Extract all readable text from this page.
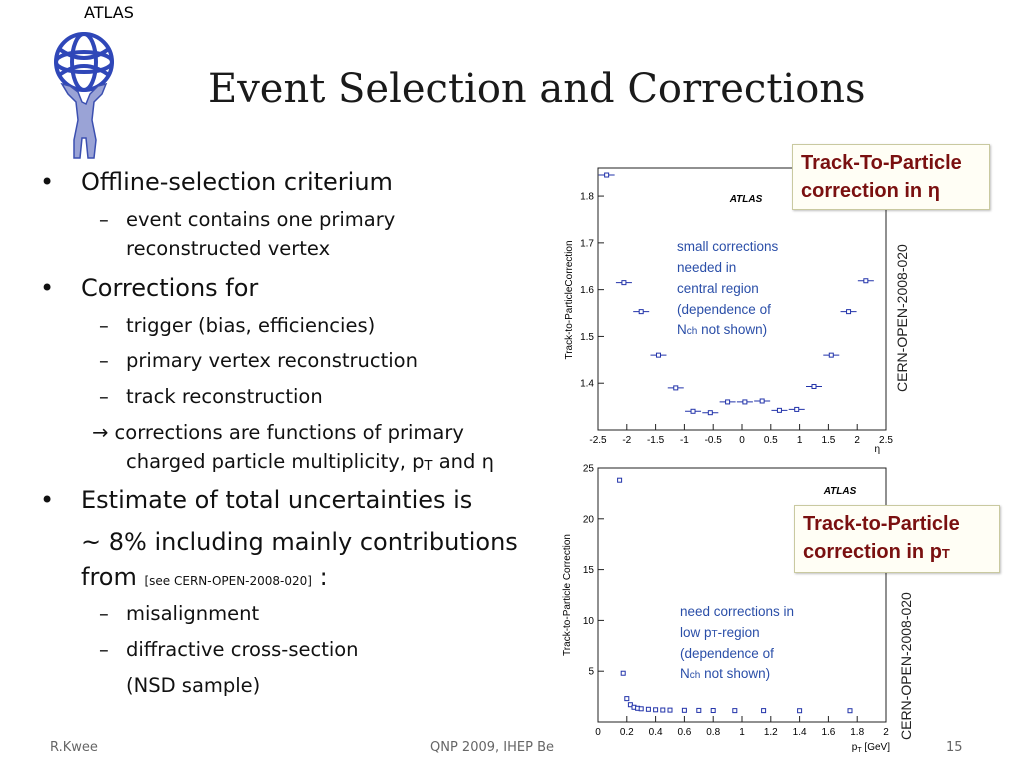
ATLAS
Event Selection and Corrections
• Offline-selection criterium
– event contains one primary
reconstructed vertex
• Corrections for
– trigger (bias, efficiencies)
– primary vertex reconstruction
– track reconstruction
→ corrections are functions of primary
charged particle multiplicity, pT and η
• Estimate of total uncertainties is
~ 8% including mainly contributions
from [see CERN-OPEN-2008-020] :
– misalignment
– diffractive cross-section
(NSD sample)
ATLAS
Track-to-ParticleCorrection
η
-2.5 -2 -1.5 -1 -0.5 0 0.5 1 1.5 2 2.5
1.4
1.5
1.6
1.7
1.8
small corrections
needed in
central region
(dependence of
Nch not shown)
ATLAS
Track-to-Particle Correction
$p_T$ [GeV]
0 0.2 0.4 0.6 0.8 1 1.2 1.4 1.6 1.8 2
5
10
15
20
25
need corrections in
low pT-region
(dependence of
Nch not shown)
Track-To-Particle
correction in η
Track-to-Particle
correction in pT
CERN-OPEN-2008-020
CERN-OPEN-2008-020
R.Kwee	QNP 2009, IHEP Be	15
